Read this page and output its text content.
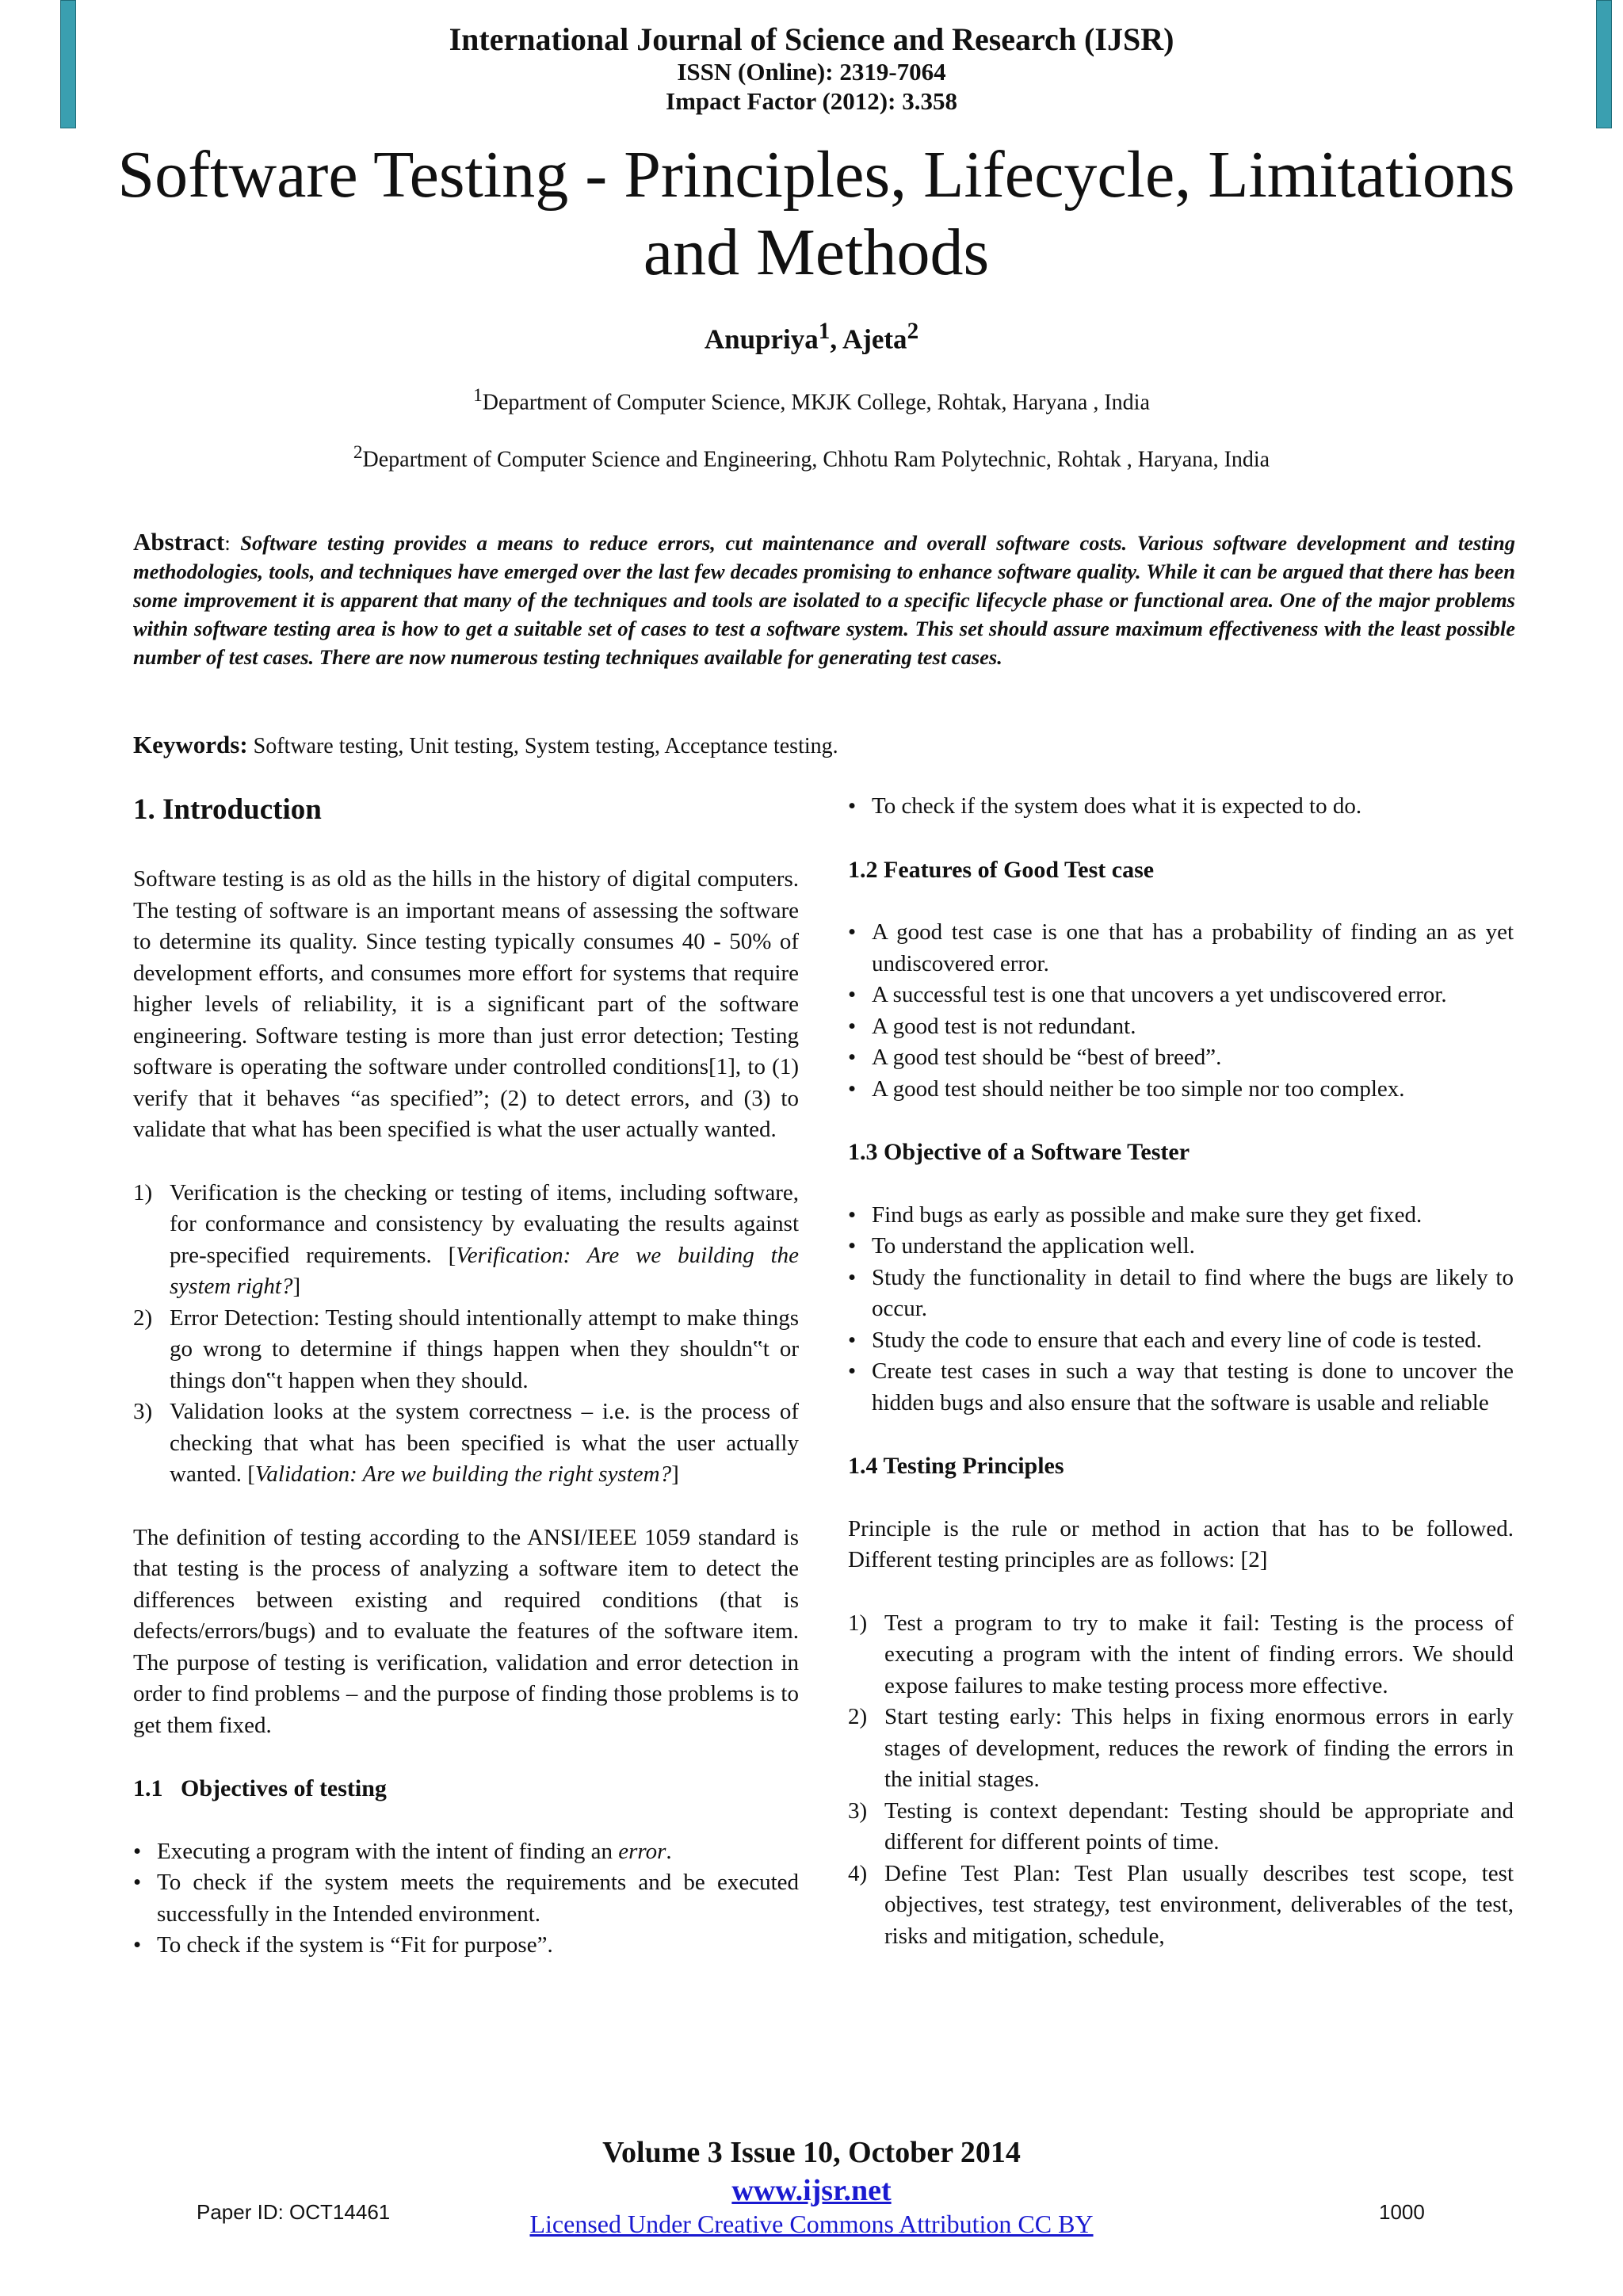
International Journal of Science and Research (IJSR)
ISSN (Online): 2319-7064
Impact Factor (2012): 3.358
Software Testing - Principles, Lifecycle, Limitations and Methods
Anupriya$^1$, Ajeta$^2$
$^1$Department of Computer Science, MKJK College, Rohtak, Haryana , India
$^2$Department of Computer Science and Engineering, Chhotu Ram Polytechnic, Rohtak , Haryana, India
Abstract: Software testing provides a means to reduce errors, cut maintenance and overall software costs. Various software development and testing methodologies, tools, and techniques have emerged over the last few decades promising to enhance software quality. While it can be argued that there has been some improvement it is apparent that many of the techniques and tools are isolated to a specific lifecycle phase or functional area. One of the major problems within software testing area is how to get a suitable set of cases to test a software system. This set should assure maximum effectiveness with the least possible number of test cases. There are now numerous testing techniques available for generating test cases.
Keywords: Software testing, Unit testing, System testing, Acceptance testing.
1. Introduction

Software testing is as old as the hills in the history of digital computers. The testing of software is an important means of assessing the software to determine its quality. Since testing typically consumes 40 - 50% of development efforts, and consumes more effort for systems that require higher levels of reliability, it is a significant part of the software engineering. Software testing is more than just error detection; Testing software is operating the software under controlled conditions[1], to (1) verify that it behaves “as specified”; (2) to detect errors, and (3) to validate that what has been specified is what the user actually wanted.

1) Verification is the checking or testing of items, including software, for conformance and consistency by evaluating the results against pre-specified requirements. [Verification: Are we building the system right?]
2) Error Detection: Testing should intentionally attempt to make things go wrong to determine if things happen when they shouldn‟t or things don‟t happen when they should.
3) Validation looks at the system correctness – i.e. is the process of checking that what has been specified is what the user actually wanted. [Validation: Are we building the right system?]

The definition of testing according to the ANSI/IEEE 1059 standard is that testing is the process of analyzing a software item to detect the differences between existing and required conditions (that is defects/errors/bugs) and to evaluate the features of the software item. The purpose of testing is verification, validation and error detection in order to find problems – and the purpose of finding those problems is to get them fixed.

1.1   Objectives of testing
• Executing a program with the intent of finding an error.
• To check if the system meets the requirements and be executed successfully in the Intended environment.
• To check if the system is “Fit for purpose”.
• To check if the system does what it is expected to do.
1.2 Features of Good Test case
• A good test case is one that has a probability of finding an as yet undiscovered error.
• A successful test is one that uncovers a yet undiscovered error.
• A good test is not redundant.
• A good test should be “best of breed”.
• A good test should neither be too simple nor too complex.
1.3 Objective of a Software Tester
• Find bugs as early as possible and make sure they get fixed.
• To understand the application well.
• Study the functionality in detail to find where the bugs are likely to occur.
• Study the code to ensure that each and every line of code is tested.
• Create test cases in such a way that testing is done to uncover the hidden bugs and also ensure that the software is usable and reliable
1.4 Testing Principles

Principle is the rule or method in action that has to be followed. Different testing principles are as follows: [2]

1) Test a program to try to make it fail: Testing is the process of executing a program with the intent of finding errors. We should expose failures to make testing process more effective.
2) Start testing early: This helps in fixing enormous errors in early stages of development, reduces the rework of finding the errors in the initial stages.
3) Testing is context dependant: Testing should be appropriate and different for different points of time.
4) Define Test Plan: Test Plan usually describes test scope, test objectives, test strategy, test environment, deliverables of the test, risks and mitigation, schedule,
Volume 3 Issue 10, October 2014
www.ijsr.net
Licensed Under Creative Commons Attribution CC BY
Paper ID: OCT14461	1000
